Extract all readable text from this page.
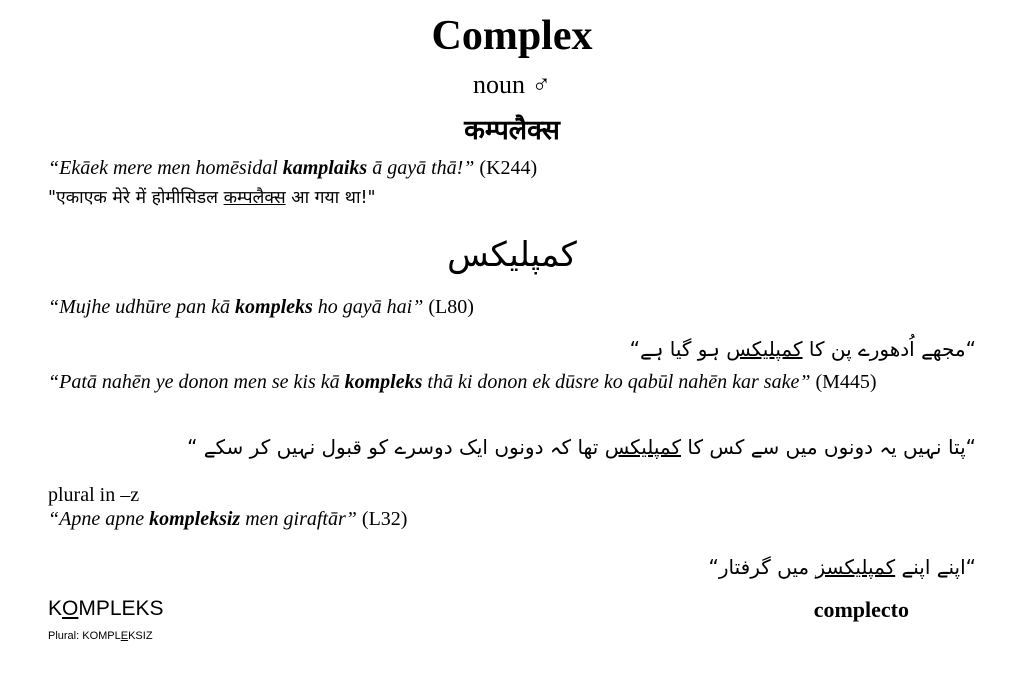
Complex
noun ♂
कम्पलैक्स
“Ekāek mere men homēsidal kamplaiks ā gayā thā!” (K244)
"एकाएक मेरे में होमीसिडल कम्पलैक्स आ गया था!"
کمپلیکس
“Mujhe udhūre pan kā kompleks ho gayā hai” (L80)
“مجھے اُدھورے پن کا کمپلیکس ہو گیا ہے“
“Patā nahēn ye donon men se kis kā kompleks thā ki donon ek dūsre ko qabūl nahēn kar sake” (M445)
“پتا نہیں یہ دونوں میں سے کس کا کمپلیکس تھا کہ دونوں ایک دوسرے کو قبول نہیں کر سکے “
plural in –z
“Apne apne kompleksiz men giraftār” (L32)
“اپنے اپنے کمپلیکسز میں گرفتار“
KOMPLEKS
Plural: KOMPLEKSIZ
complecto
